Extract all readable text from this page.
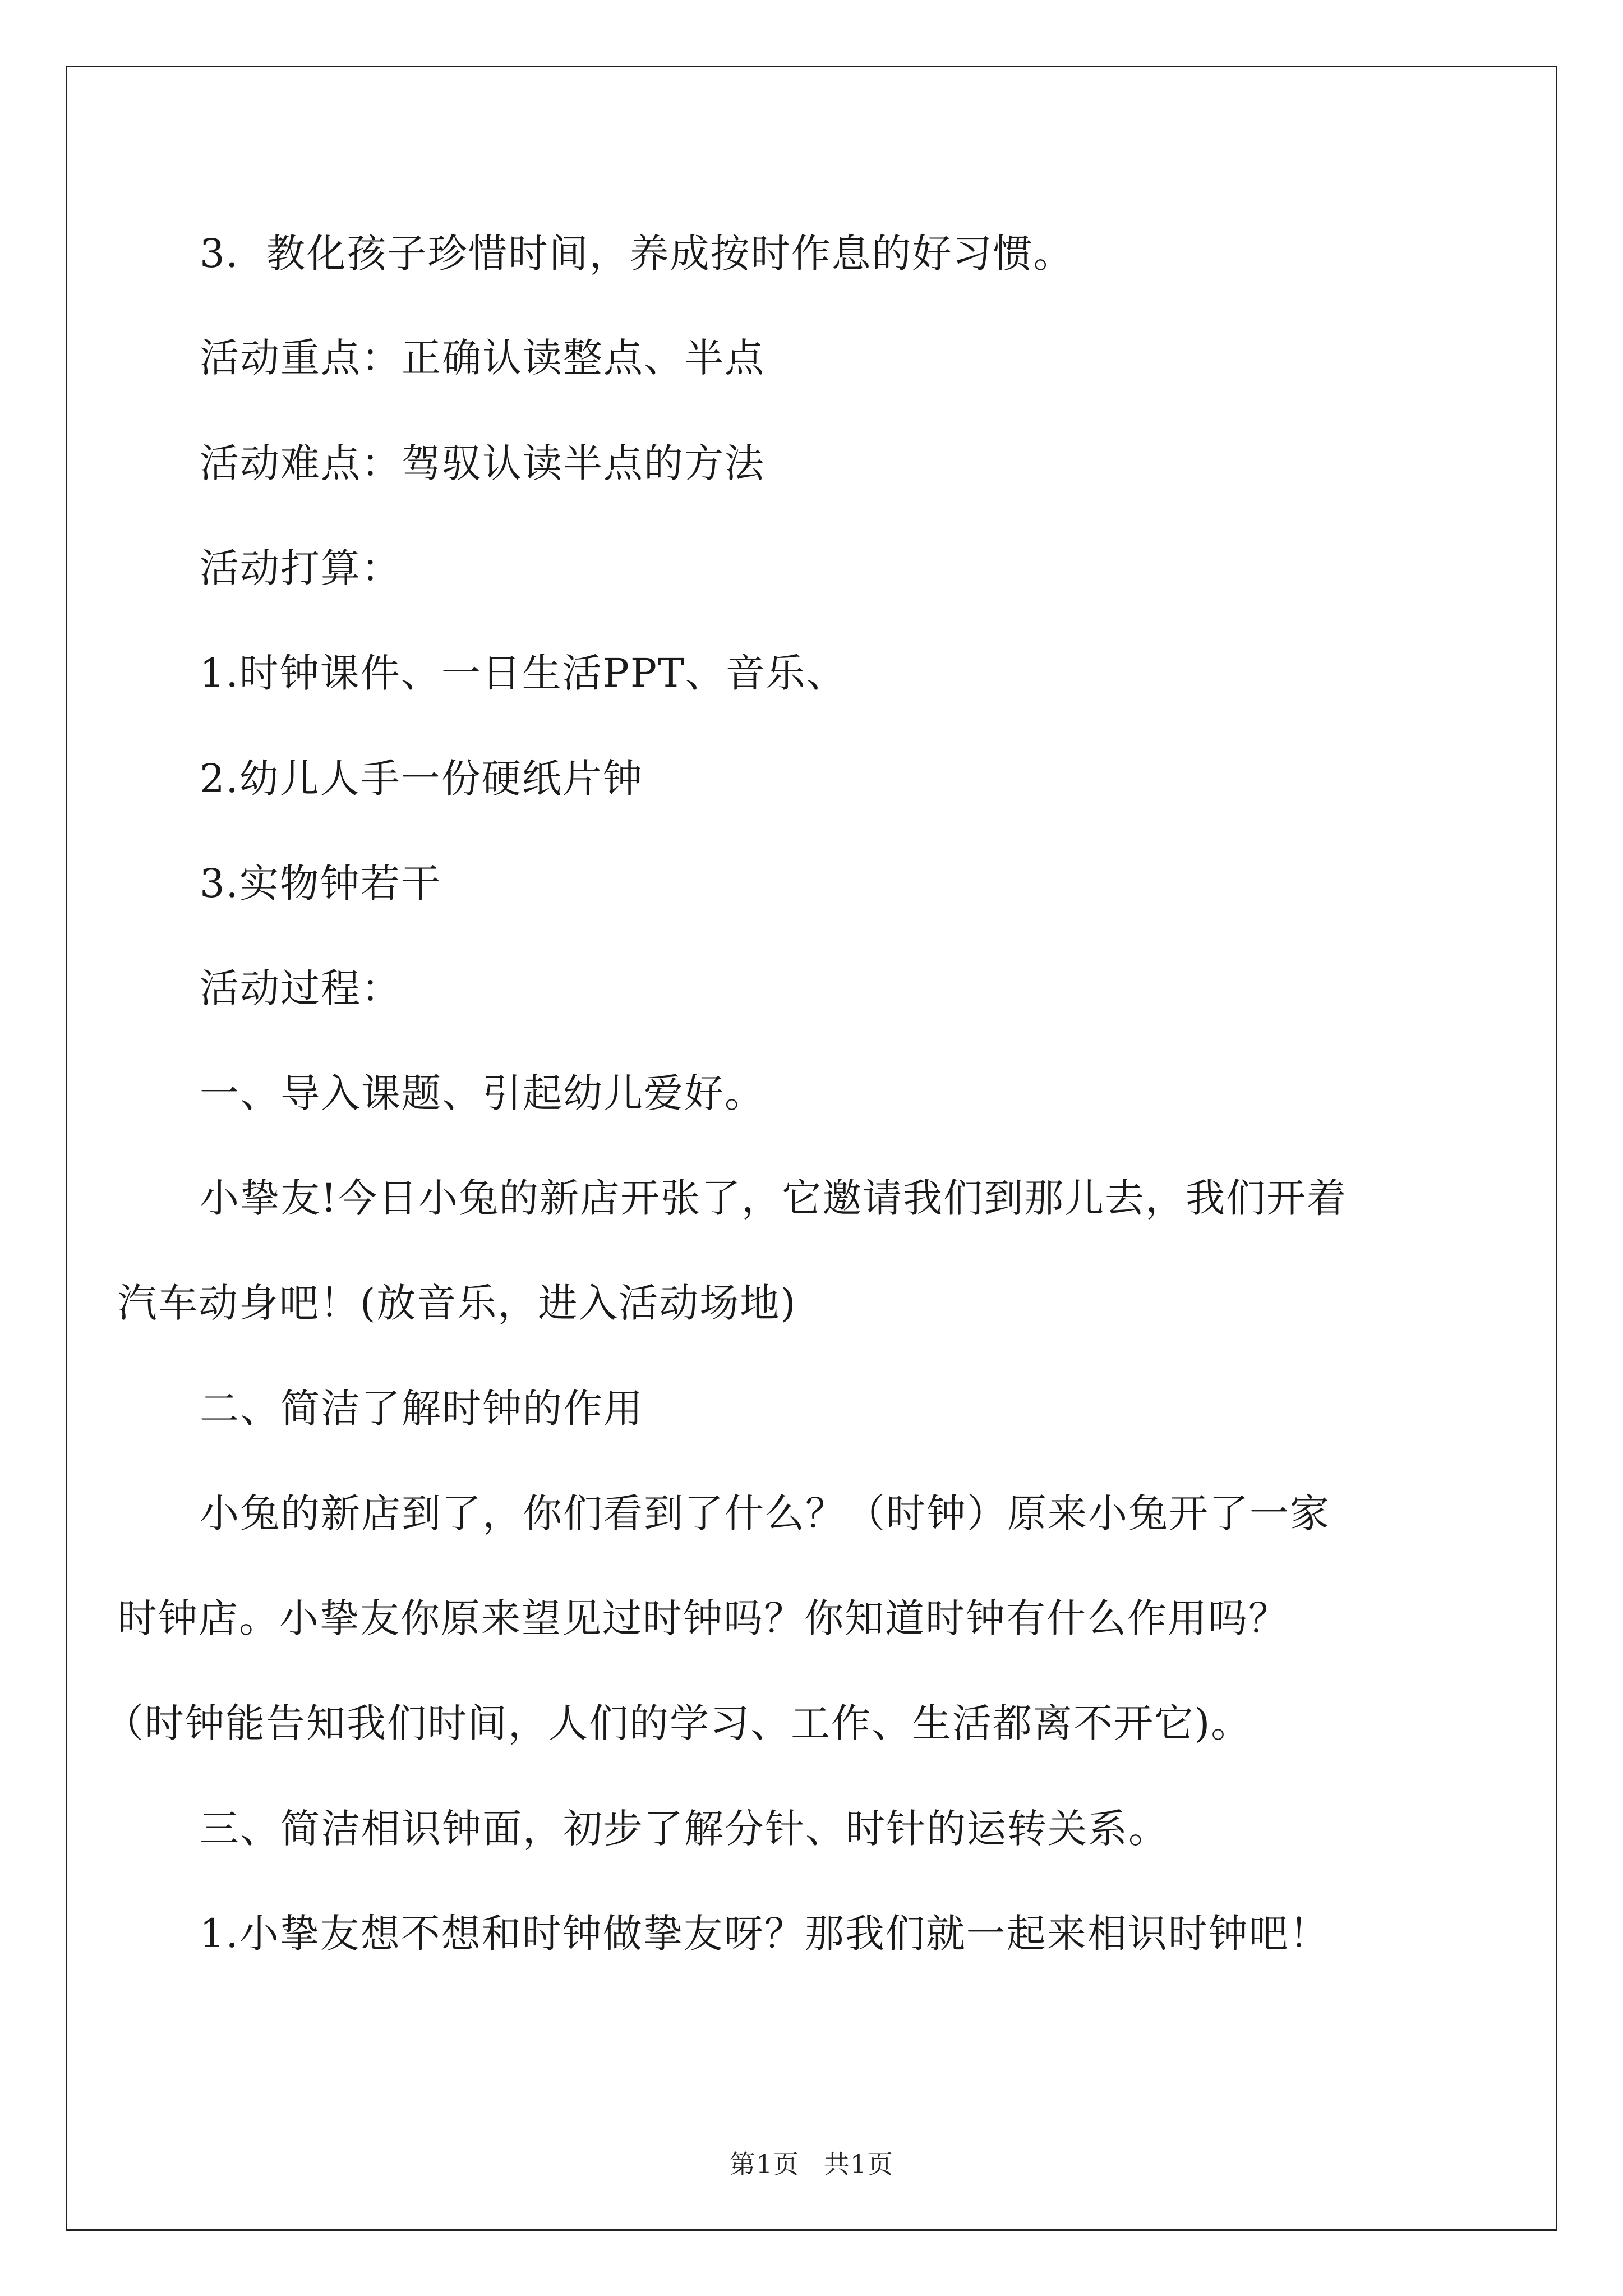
3．教化孩子珍惜时间，养成按时作息的好习惯。
活动重点：正确认读整点、半点
活动难点：驾驭认读半点的方法
活动打算：
1.时钟课件、一日生活PPT、音乐、
2.幼儿人手一份硬纸片钟
3.实物钟若干
活动过程：
一、导入课题、引起幼儿爱好。
小挚友!今日小兔的新店开张了，它邀请我们到那儿去，我们开着
汽车动身吧！(放音乐，进入活动场地)
二、简洁了解时钟的作用
小兔的新店到了，你们看到了什么？（时钟）原来小兔开了一家
时钟店。小挚友你原来望见过时钟吗？你知道时钟有什么作用吗？
（时钟能告知我们时间，人们的学习、工作、生活都离不开它)。
三、简洁相识钟面，初步了解分针、时针的运转关系。
1.小挚友想不想和时钟做挚友呀？那我们就一起来相识时钟吧！
第1页 共1页
